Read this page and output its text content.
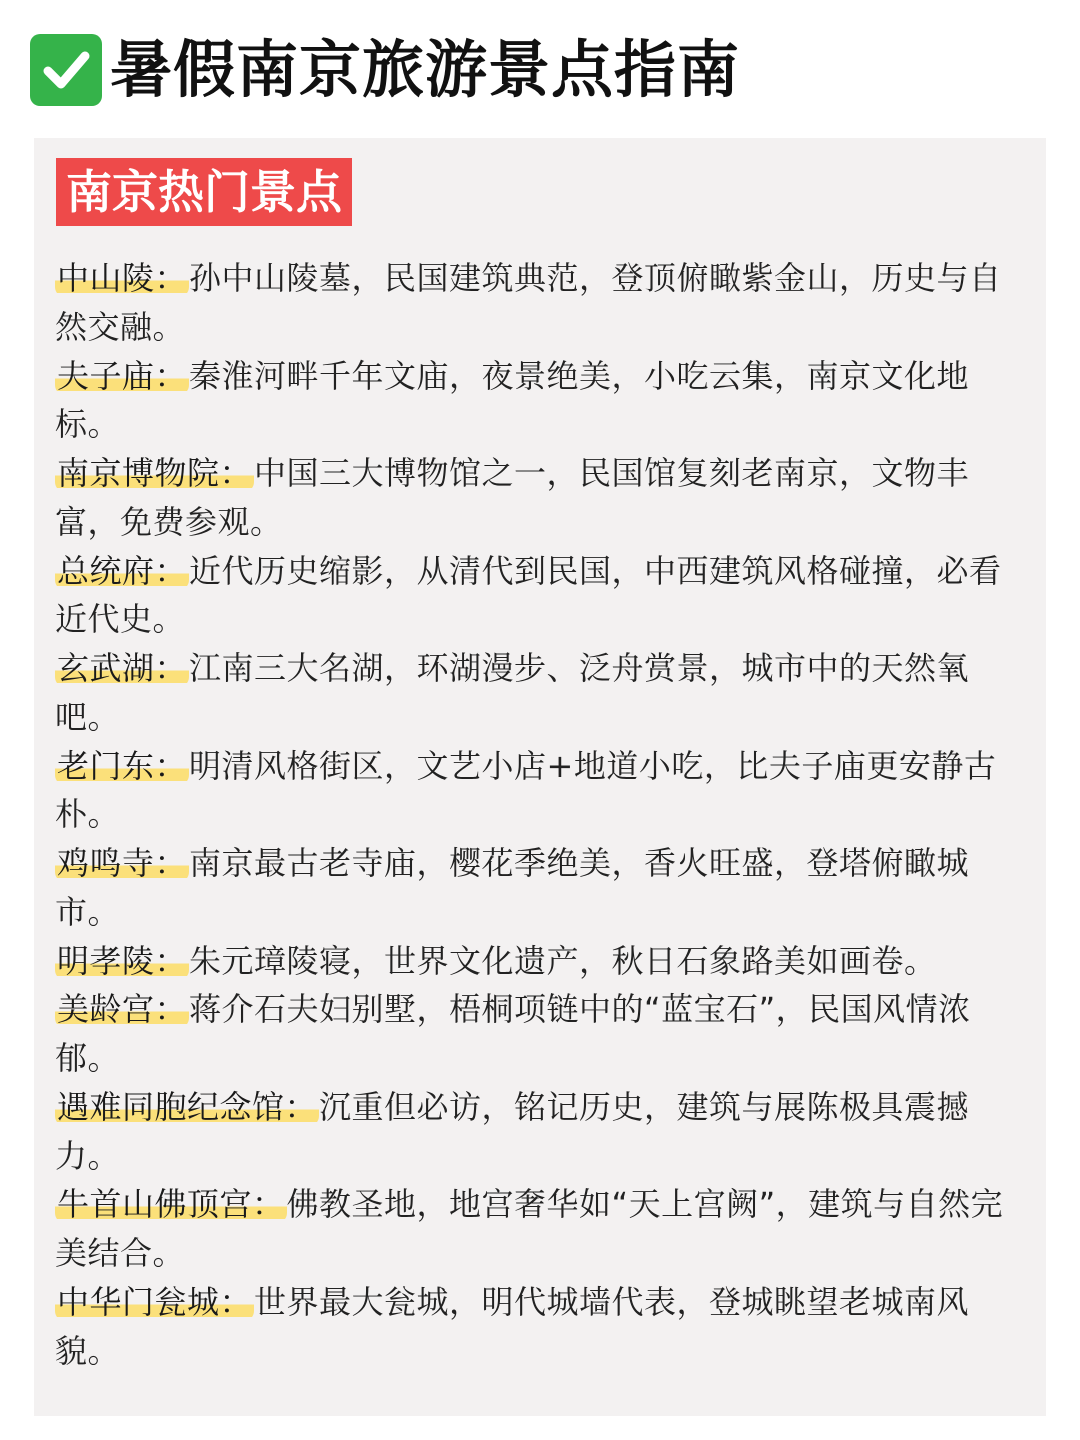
暑假南京旅游景点指南
南京热门景点
中山陵：孙中山陵墓，民国建筑典范，登顶俯瞰紫金山，历史与自然交融。
夫子庙：秦淮河畔千年文庙，夜景绝美，小吃云集，南京文化地标。
南京博物院：中国三大博物馆之一，民国馆复刻老南京，文物丰富，免费参观。
总统府：近代历史缩影，从清代到民国，中西建筑风格碰撞，必看近代史。
玄武湖：江南三大名湖，环湖漫步、泛舟赏景，城市中的天然氧吧。
老门东：明清风格街区，文艺小店+地道小吃，比夫子庙更安静古朴。
鸡鸣寺：南京最古老寺庙，樱花季绝美，香火旺盛，登塔俯瞰城市。
明孝陵：朱元璋陵寝，世界文化遗产，秋日石象路美如画卷。
美龄宫：蒋介石夫妇别墅，梧桐项链中的“蓝宝石”，民国风情浓郁。
遇难同胞纪念馆：沉重但必访，铭记历史，建筑与展陈极具震撼力。
牛首山佛顶宫：佛教圣地，地宫奢华如“天上宫阙”，建筑与自然完美结合。
中华门瓮城：世界最大瓮城，明代城墙代表，登城眺望老城南风貌。
